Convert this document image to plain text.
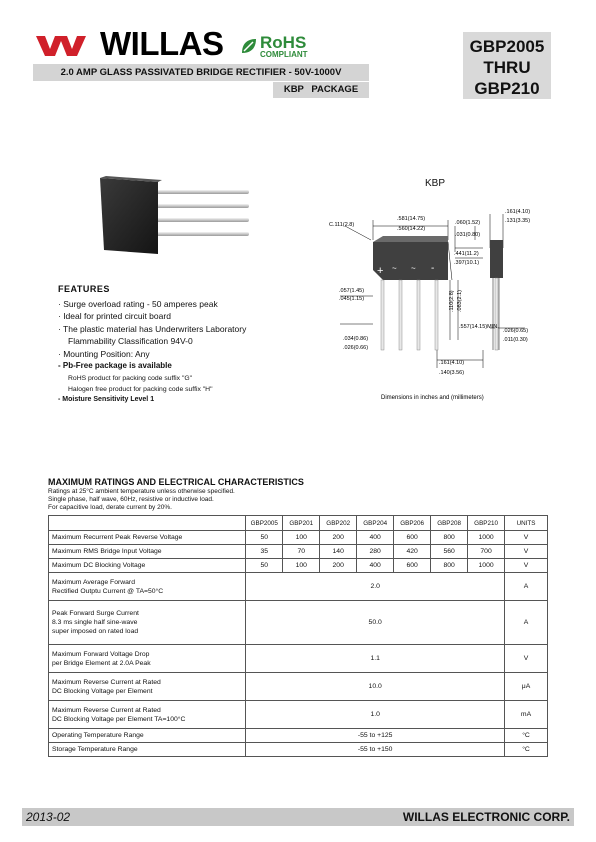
WILLAS RoHS
COMPLIANT	GBP2005
THRU
GBP210
2.0 AMP GLASS PASSIVATED BRIDGE RECTIFIER - 50V-1000V
KBP PACKAGE
KBP
+ ~ ~ -
C.111(2.8)
.581(14.75)
.560(14.22)
.060(1.52)
.031(0.80)
.161(4.10)
.131(3.35)
.441(11.2)
.397(10.1)
.057(1.45)
.045(1.15)
.557(14.15)MIN.
.026(0.65)
.011(0.30)
.034(0.86)
.026(0.66)
.161(4.10)
.140(3.56)
.110(2.8) .083(2.1)
Dimensions in inches and (millimeters)
FEATURES
· Surge overload rating - 50 amperes peak
· Ideal for printed circuit board
· The plastic material has Underwriters Laboratory
Flammability Classification 94V-0
· Mounting Position: Any
- Pb-Free package is available
RoHS product for packing code suffix "G"
Halogen free product for packing code suffix "H"
- Moisture Sensitivity Level 1
MAXIMUM RATINGS AND ELECTRICAL CHARACTERISTICS
Ratings at 25°C ambient temperature unless otherwise specified.
Single phase, half wave, 60Hz, resistive or inductive load.
For capacitive load, derate current by 20%.
	GBP2005	GBP201	GBP202	GBP204	GBP206	GBP208	GBP210	UNITS

Maximum Recurrent Peak Reverse Voltage	50	100	200	400	600	800	1000	V

Maximum RMS Bridge Input Voltage	35	70	140	280	420	560	700	V

Maximum DC Blocking Voltage	50	100	200	400	600	800	1000	V

Maximum Average Forward
Rectified Outptu Current @ TA=50°C	2.0							A

Peak Forward Surge Current
8.3 ms single half sine-wave
super imposed on rated load	50.0							A

Maximum Forward Voltage Drop
per Bridge Element at 2.0A Peak	1.1							V

Maximum Reverse Current at Rated
DC Blocking Voltage per Element	10.0							μA

Maximum Reverse Current at Rated
DC Blocking Voltage per Element TA=100°C	1.0							mA

Operating Temperature Range	-55 to +125							°C

Storage Temperature Range	-55 to +150							°C
2013-02	WILLAS ELECTRONIC CORP.
